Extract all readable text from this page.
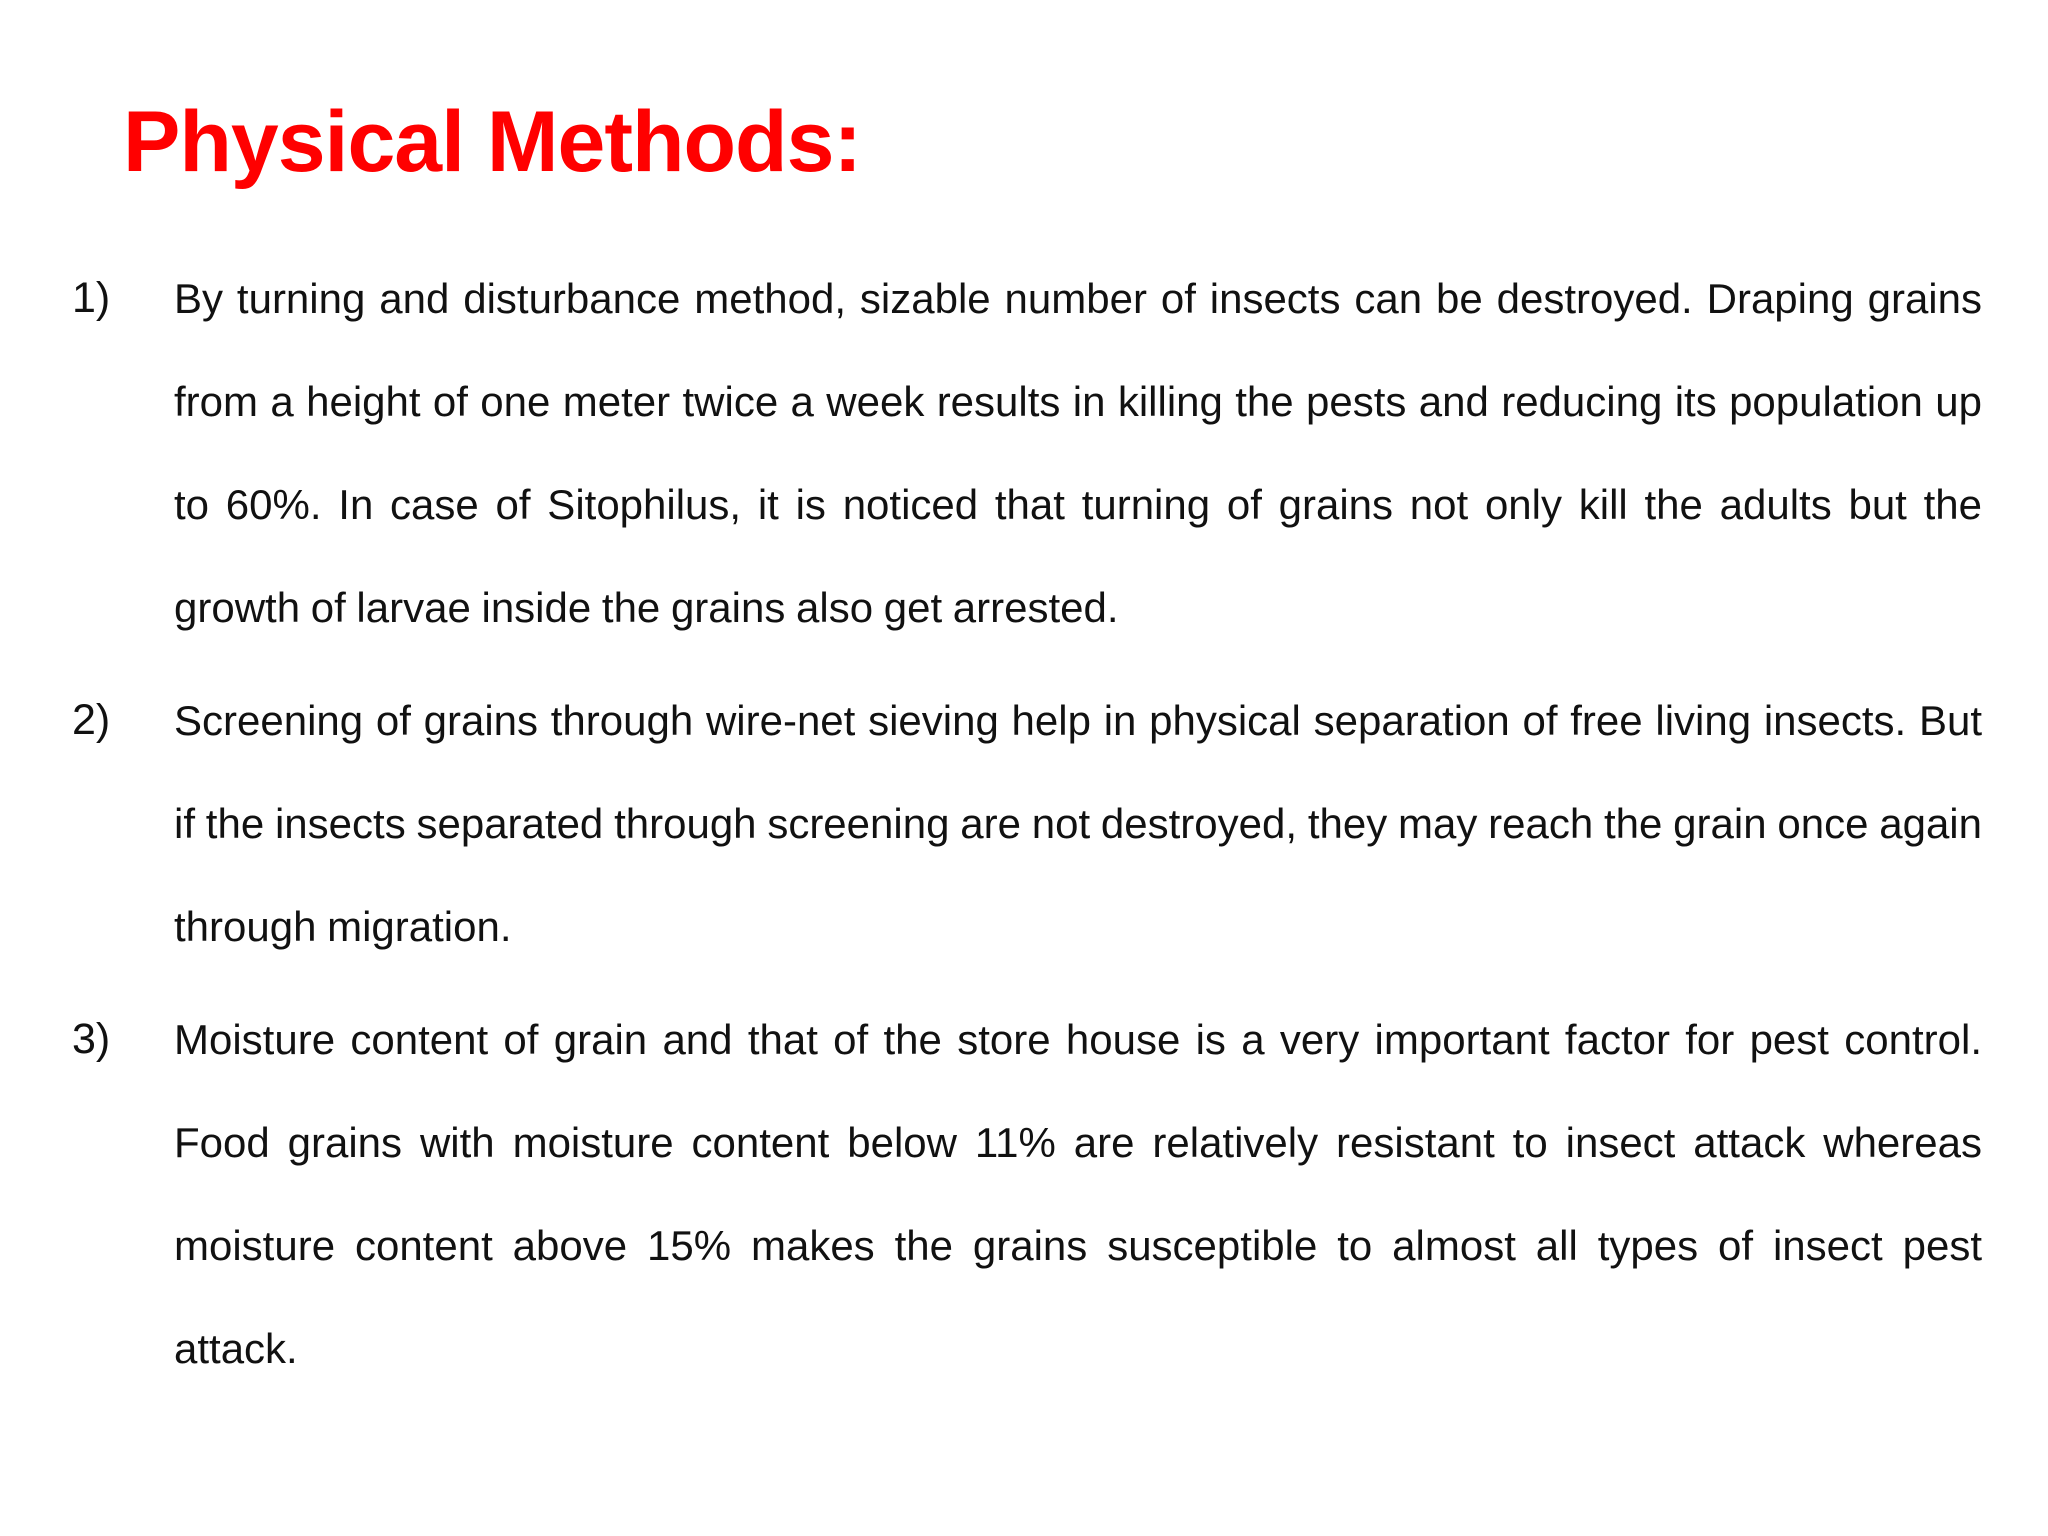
Physical Methods:
1)	By turning and disturbance method, sizable number of insects can be destroyed. Draping grains from a height of one meter twice a week results in killing the pests and reducing its population up to 60%. In case of Sitophilus, it is noticed that turning of grains not only kill the adults but the growth of larvae inside the grains also get arrested.
2)	Screening of grains through wire-net sieving help in physical separation of free living insects. But if the insects separated through screening are not destroyed, they may reach the grain once again through migration.
3)	Moisture content of grain and that of the store house is a very important factor for pest control. Food grains with moisture content below 11% are relatively resistant to insect attack whereas moisture content above 15% makes the grains susceptible to almost all types of insect pest attack.
